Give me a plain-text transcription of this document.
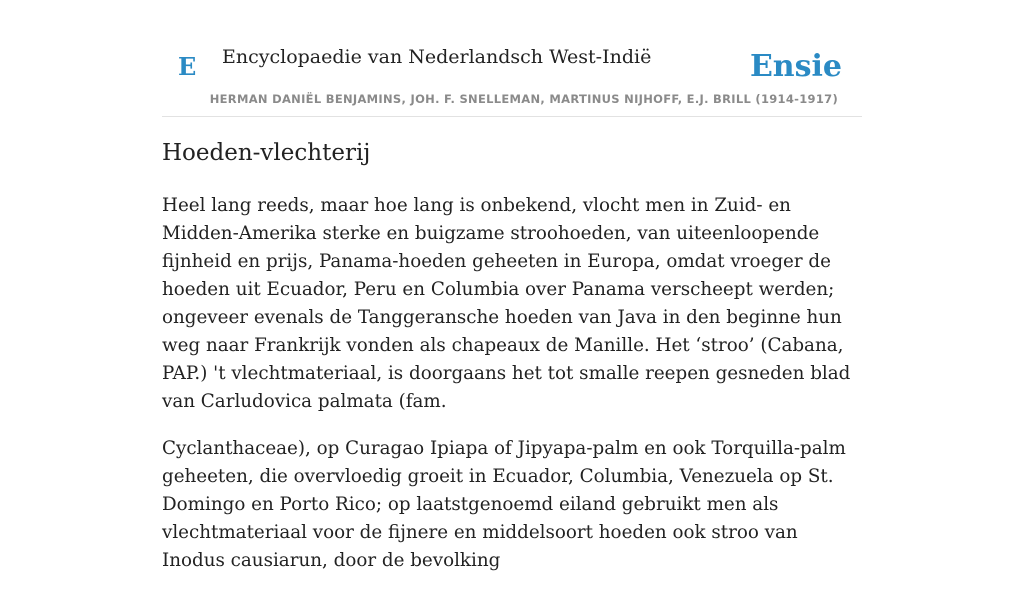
E Encyclopaedie van Nederlandsch West-Indië	Ensie
HERMAN DANIËL BENJAMINS, JOH. F. SNELLEMAN, MARTINUS NIJHOFF, E.J. BRILL (1914-1917)
Hoeden-vlechterij

Heel lang reeds, maar hoe lang is onbekend, vlocht men in Zuid- en Midden-Amerika sterke en buigzame stroohoeden, van uiteenloopende fijnheid en prijs, Panama-hoeden geheeten in Europa, omdat vroeger de hoeden uit Ecuador, Peru en Columbia over Panama verscheept werden; ongeveer evenals de Tanggeransche hoeden van Java in den beginne hun weg naar Frankrijk vonden als chapeaux de Manille. Het ‘stroo’ (Cabana, PAP.) 't vlechtmateriaal, is doorgaans het tot smalle reepen gesneden blad van Carludovica palmata (fam.

Cyclanthaceae), op Curagao Ipiapa of Jipyapa-palm en ook Torquilla-palm geheeten, die overvloedig groeit in Ecuador, Columbia, Venezuela op St. Domingo en Porto Rico; op laatstgenoemd eiland gebruikt men als vlechtmateriaal voor de fijnere en middelsoort hoeden ook stroo van Inodus causiarun, door de bevolking
